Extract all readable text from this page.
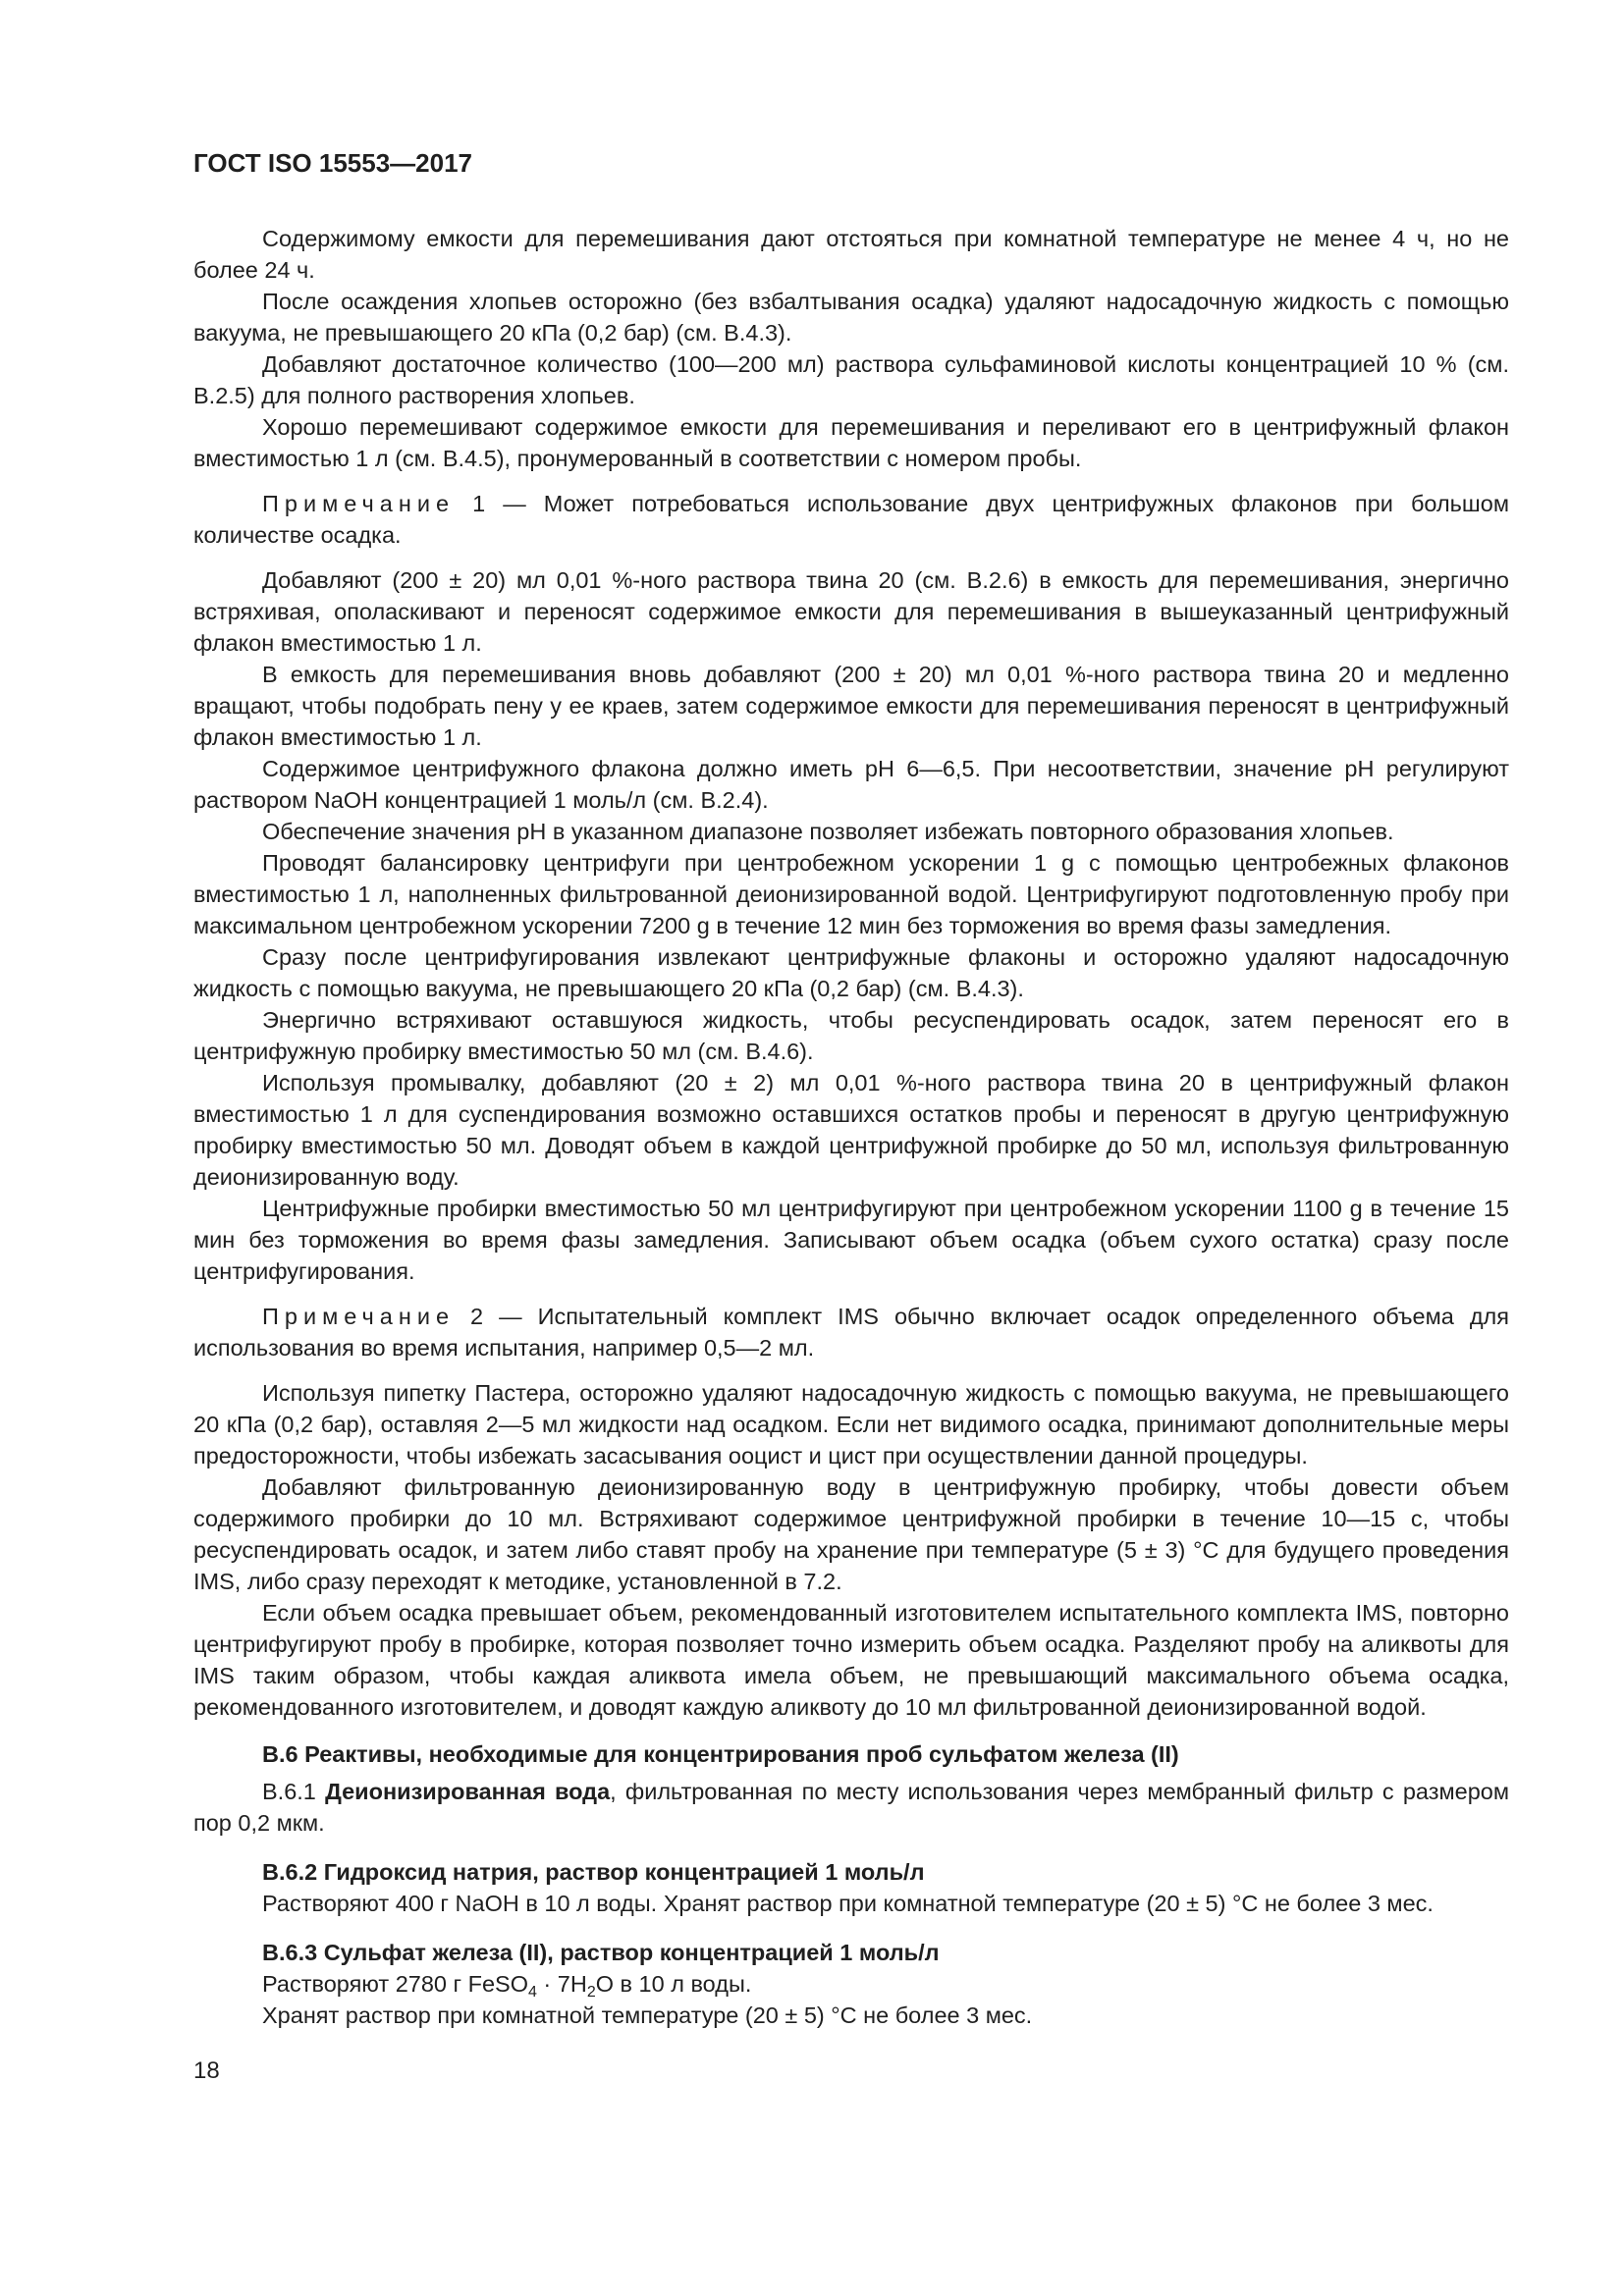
ГОСТ ISO 15553—2017

Содержимому емкости для перемешивания дают отстояться при комнатной температуре не менее 4 ч, но не более 24 ч.

После осаждения хлопьев осторожно (без взбалтывания осадка) удаляют надосадочную жидкость с помощью вакуума, не превышающего 20 кПа (0,2 бар) (см. В.4.3).

Добавляют достаточное количество (100—200 мл) раствора сульфаминовой кислоты концентрацией 10 % (см. В.2.5) для полного растворения хлопьев.

Хорошо перемешивают содержимое емкости для перемешивания и переливают его в центрифужный флакон вместимостью 1 л (см. В.4.5), пронумерованный в соответствии с номером пробы.

Примечание 1 — Может потребоваться использование двух центрифужных флаконов при большом количестве осадка.

Добавляют (200 ± 20) мл 0,01 %-ного раствора твина 20 (см. В.2.6) в емкость для перемешивания, энергично встряхивая, ополаскивают и переносят содержимое емкости для перемешивания в вышеуказанный центрифужный флакон вместимостью 1 л.

В емкость для перемешивания вновь добавляют (200 ± 20) мл 0,01 %-ного раствора твина 20 и медленно вращают, чтобы подобрать пену у ее краев, затем содержимое емкости для перемешивания переносят в центрифужный флакон вместимостью 1 л.

Содержимое центрифужного флакона должно иметь pH 6—6,5. При несоответствии, значение pH регулируют раствором NaOH концентрацией 1 моль/л (см. В.2.4).

Обеспечение значения pH в указанном диапазоне позволяет избежать повторного образования хлопьев.

Проводят балансировку центрифуги при центробежном ускорении 1 g с помощью центробежных флаконов вместимостью 1 л, наполненных фильтрованной деионизированной водой. Центрифугируют подготовленную пробу при максимальном центробежном ускорении 7200 g в течение 12 мин без торможения во время фазы замедления.

Сразу после центрифугирования извлекают центрифужные флаконы и осторожно удаляют надосадочную жидкость с помощью вакуума, не превышающего 20 кПа (0,2 бар) (см. В.4.3).

Энергично встряхивают оставшуюся жидкость, чтобы ресуспендировать осадок, затем переносят его в центрифужную пробирку вместимостью 50 мл (см. В.4.6).

Используя промывалку, добавляют (20 ± 2) мл 0,01 %-ного раствора твина 20 в центрифужный флакон вместимостью 1 л для суспендирования возможно оставшихся остатков пробы и переносят в другую центрифужную пробирку вместимостью 50 мл. Доводят объем в каждой центрифужной пробирке до 50 мл, используя фильтрованную деионизированную воду.

Центрифужные пробирки вместимостью 50 мл центрифугируют при центробежном ускорении 1100 g в течение 15 мин без торможения во время фазы замедления. Записывают объем осадка (объем сухого остатка) сразу после центрифугирования.

Примечание 2 — Испытательный комплект IMS обычно включает осадок определенного объема для использования во время испытания, например 0,5—2 мл.

Используя пипетку Пастера, осторожно удаляют надосадочную жидкость с помощью вакуума, не превышающего 20 кПа (0,2 бар), оставляя 2—5 мл жидкости над осадком. Если нет видимого осадка, принимают дополнительные меры предосторожности, чтобы избежать засасывания ооцист и цист при осуществлении данной процедуры.

Добавляют фильтрованную деионизированную воду в центрифужную пробирку, чтобы довести объем содержимого пробирки до 10 мл. Встряхивают содержимое центрифужной пробирки в течение 10—15 с, чтобы ресуспендировать осадок, и затем либо ставят пробу на хранение при температуре (5 ± 3) °С для будущего проведения IMS, либо сразу переходят к методике, установленной в 7.2.

Если объем осадка превышает объем, рекомендованный изготовителем испытательного комплекта IMS, повторно центрифугируют пробу в пробирке, которая позволяет точно измерить объем осадка. Разделяют пробу на аликвоты для IMS таким образом, чтобы каждая аликвота имела объем, не превышающий максимального объема осадка, рекомендованного изготовителем, и доводят каждую аликвоту до 10 мл фильтрованной деионизированной водой.

В.6 Реактивы, необходимые для концентрирования проб сульфатом железа (II)

В.6.1 Деионизированная вода, фильтрованная по месту использования через мембранный фильтр с размером пор 0,2 мкм.

В.6.2 Гидроксид натрия, раствор концентрацией 1 моль/л

Растворяют 400 г NaOH в 10 л воды. Хранят раствор при комнатной температуре (20 ± 5) °С не более 3 мес.

В.6.3 Сульфат железа (II), раствор концентрацией 1 моль/л

Растворяют 2780 г FeSO$_4$ · $7H_2O$ в 10 л воды.

Хранят раствор при комнатной температуре (20 ± 5) °С не более 3 мес.

18
